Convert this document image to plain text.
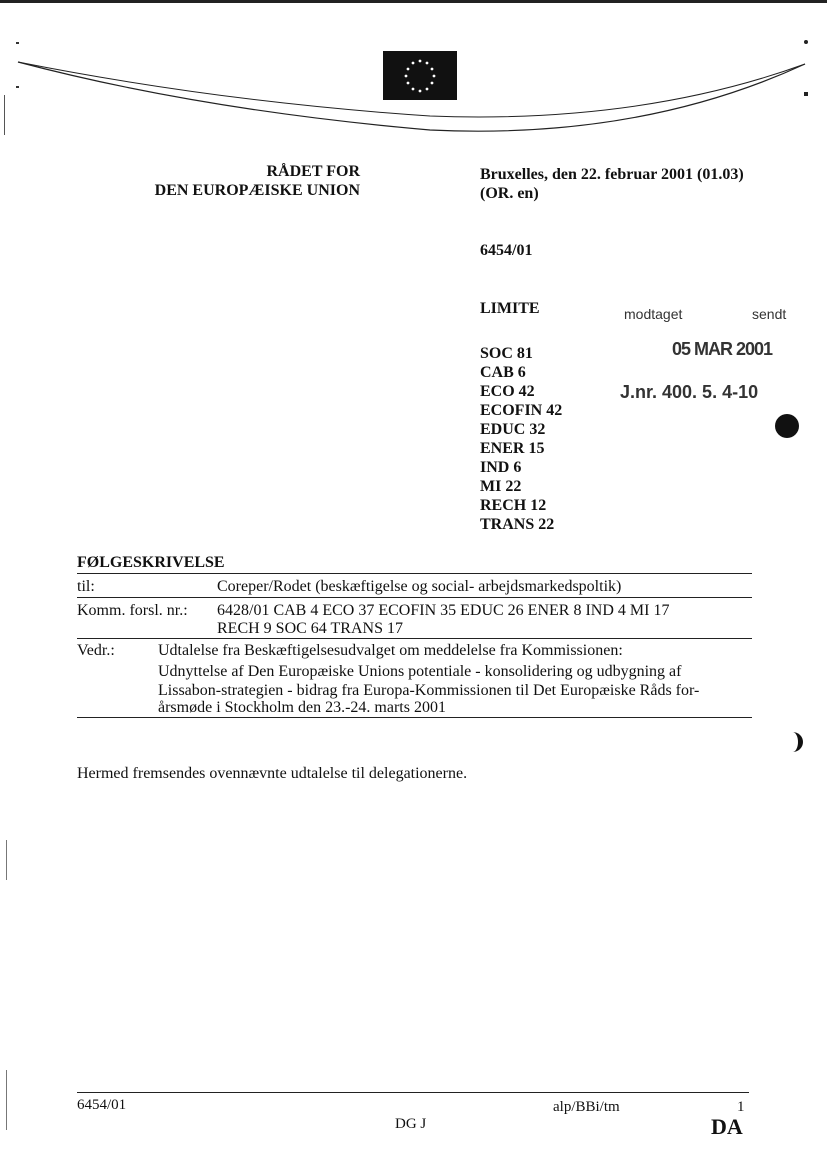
RÅDET FOR
DEN EUROPÆISKE UNION
Bruxelles, den 22. februar 2001 (01.03)
(OR. en)
6454/01
LIMITE	modtaget	sendt
05 MAR 2001
J.nr. 400. 5. 4-10
SOC 81
CAB 6
ECO 42
ECOFIN 42
EDUC 32
ENER 15
IND 6
MI 22
RECH 12
TRANS 22
FØLGESKRIVELSE
til:	Coreper/Rodet (beskæftigelse og social- arbejdsmarkedspoltik)
Komm. forsl. nr.: 6428/01 CAB 4 ECO 37 ECOFIN 35 EDUC 26 ENER 8 IND 4 MI 17
RECH 9 SOC 64 TRANS 17
Vedr.:	Udtalelse fra Beskæftigelsesudvalget om meddelelse fra Kommissionen:
Udnyttelse af Den Europæiske Unions potentiale - konsolidering og udbygning af
Lissabon-strategien - bidrag fra Europa-Kommissionen til Det Europæiske Råds for-
årsmøde i Stockholm den 23.-24. marts 2001
Hermed fremsendes ovennævnte udtalelse til delegationerne.
6454/01	alp/BBi/tm	1
DG J	DA
